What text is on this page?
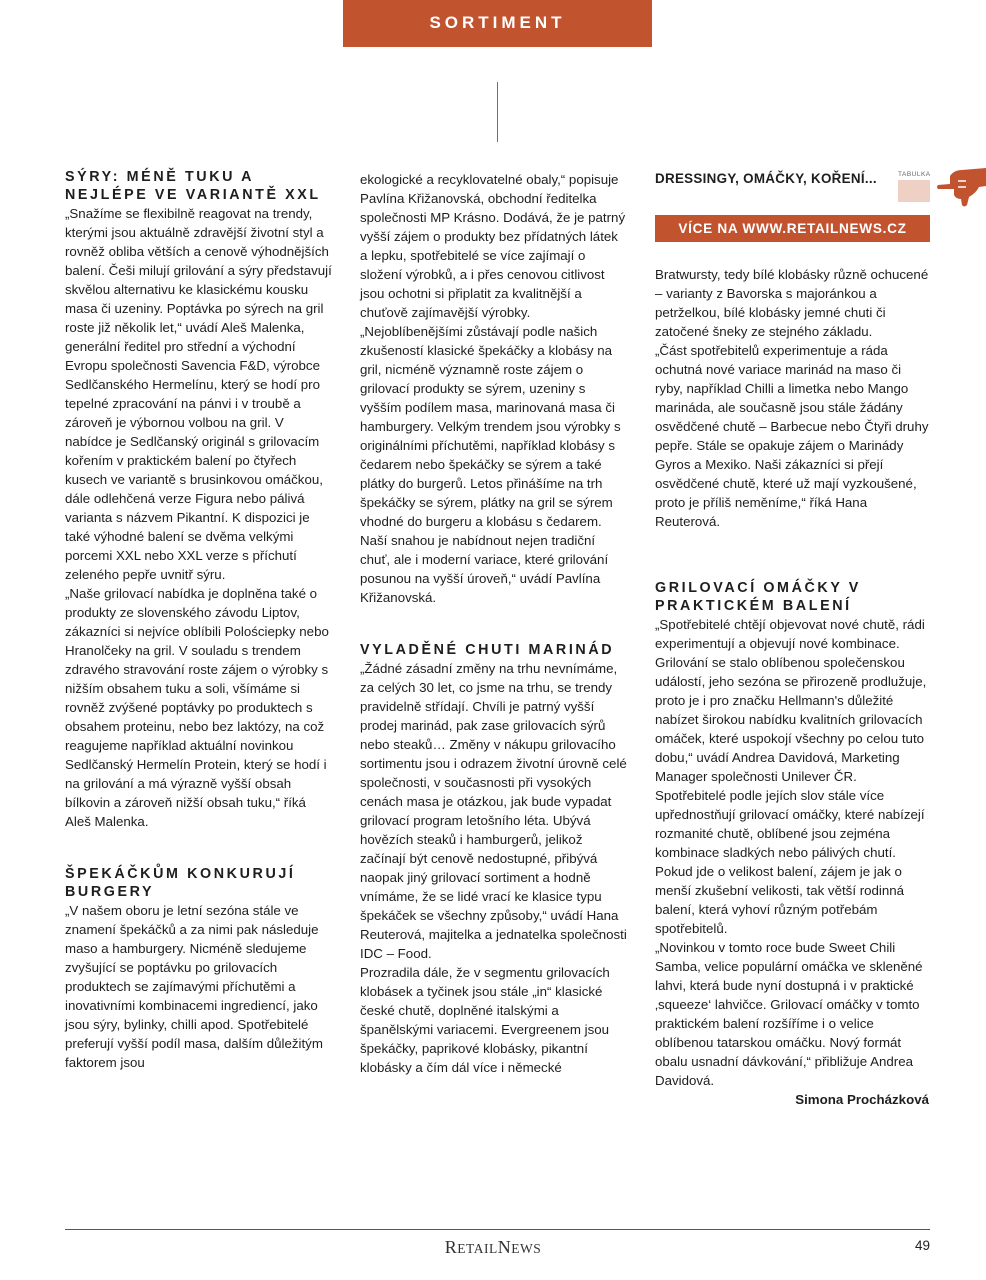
SORTIMENT
SÝRY: MÉNĚ TUKU A NEJLÉPE VE VARIANTĚ XXL

„Snažíme se flexibilně reagovat na trendy, kterými jsou aktuálně zdravější životní styl a rovněž obliba větších a cenově výhodnějších balení. Češi milují grilování a sýry představují skvělou alternativu ke klasickému kousku masa či uzeniny. Poptávka po sýrech na gril roste již několik let,“ uvádí Aleš Malenka, generální ředitel pro střední a východní Evropu společnosti Savencia F&D, výrobce Sedlčanského Hermelínu, který se hodí pro tepelné zpracování na pánvi i v troubě a zároveň je výbornou volbou na gril. V nabídce je Sedlčanský originál s grilovacím kořením v praktickém balení po čtyřech kusech ve variantě s brusinkovou omáčkou, dále odlehčená verze Figura nebo pálivá varianta s názvem Pikantní. K dispozici je také výhodné balení se dvěma velkými porcemi XXL nebo XXL verze s příchutí zeleného pepře uvnitř sýru.

„Naše grilovací nabídka je doplněna také o produkty ze slovenského závodu Liptov, zákazníci si nejvíce oblíbili Polościepky nebo Hranolčeky na gril. V souladu s trendem zdravého stravování roste zájem o výrobky s nižším obsahem tuku a soli, všímáme si rovněž zvýšené poptávky po produktech s obsahem proteinu, nebo bez laktózy, na což reagujeme například aktuální novinkou Sedlčanský Hermelín Protein, který se hodí i na grilování a má výrazně vyšší obsah bílkovin a zároveň nižší obsah tuku,“ říká Aleš Malenka.

ŠPEKÁČKŮM KONKURUJÍ BURGERY

„V našem oboru je letní sezóna stále ve znamení špekáčků a za nimi pak následuje maso a hamburgery. Nicméně sledujeme zvyšující se poptávku po grilovacích produktech se zajímavými příchutěmi a inovativními kombinacemi ingrediencí, jako jsou sýry, bylinky, chilli apod. Spotřebitelé preferují vyšší podíl masa, dalším důležitým faktorem jsou

ekologické a recyklovatelné obaly,“ popisuje Pavlína Křižanovská, obchodní ředitelka společnosti MP Krásno. Dodává, že je patrný vyšší zájem o produkty bez přídatných látek a lepku, spotřebitelé se více zajímají o složení výrobků, a i přes cenovou citlivost jsou ochotni si připlatit za kvalitnější a chuťově zajímavější výrobky.

„Nejoblíbenějšími zůstávají podle našich zkušeností klasické špekáčky a klobásy na gril, nicméně významně roste zájem o grilovací produkty se sýrem, uzeniny s vyšším podílem masa, marinovaná masa či hamburgery. Velkým trendem jsou výrobky s originálními příchutěmi, například klobásy s čedarem nebo špekáčky se sýrem a také plátky do burgerů. Letos přinášíme na trh špekáčky se sýrem, plátky na gril se sýrem vhodné do burgeru a klobásu s čedarem. Naší snahou je nabídnout nejen tradiční chuť, ale i moderní variace, které grilování posunou na vyšší úroveň,“ uvádí Pavlína Křižanovská.

VYLADĚNÉ CHUTI MARINÁD

„Žádné zásadní změny na trhu nevnímáme, za celých 30 let, co jsme na trhu, se trendy pravidelně střídají. Chvíli je patrný vyšší prodej marinád, pak zase grilovacích sýrů nebo steaků… Změny v nákupu grilovacího sortimentu jsou i odrazem životní úrovně celé společnosti, v současnosti při vysokých cenách masa je otázkou, jak bude vypadat grilovací program letošního léta. Ubývá hovězích steaků i hamburgerů, jelikož začínají být cenově nedostupné, přibývá naopak jiný grilovací sortiment a hodně vnímáme, že se lidé vrací ke klasice typu špekáček se všechny způsoby,“ uvádí Hana Reuterová, majitelka a jednatelka společnosti IDC – Food.

Prozradila dále, že v segmentu grilovacích klobásek a tyčinek jsou stále „in“ klasické české chutě, doplněné italskými a španělskými variacemi. Evergreenem jsou špekáčky, paprikové klobásky, pikantní klobásky a čím dál více i německé

DRESSINGY, OMÁČKY, KOŘENÍ...	TABULKA
VÍCE NA WWW.RETAILNEWS.CZ

Bratwursty, tedy bílé klobásky různě ochucené – varianty z Bavorska s majoránkou a petrželkou, bílé klobásky jemné chuti či zatočené šneky ze stejného základu.

„Část spotřebitelů experimentuje a ráda ochutná nové variace marinád na maso či ryby, například Chilli a limetka nebo Mango marináda, ale současně jsou stále žádány osvědčené chutě – Barbecue nebo Čtyři druhy pepře. Stále se opakuje zájem o Marinády Gyros a Mexiko. Naši zákazníci si přejí osvědčené chutě, které už mají vyzkoušené, proto je příliš neměníme,“ říká Hana Reuterová.

GRILOVACÍ OMÁČKY V PRAKTICKÉM BALENÍ

„Spotřebitelé chtějí objevovat nové chutě, rádi experimentují a objevují nové kombinace. Grilování se stalo oblíbenou společenskou událostí, jeho sezóna se přirozeně prodlužuje, proto je i pro značku Hellmann's důležité nabízet širokou nabídku kvalitních grilovacích omáček, které uspokojí všechny po celou tuto dobu,“ uvádí Andrea Davidová, Marketing Manager společnosti Unilever ČR. Spotřebitelé podle jejích slov stále více upřednostňují grilovací omáčky, které nabízejí rozmanité chutě, oblíbené jsou zejména kombinace sladkých nebo pálivých chutí. Pokud jde o velikost balení, zájem je jak o menší zkušební velikosti, tak větší rodinná balení, která vyhoví různým potřebám spotřebitelů.

„Novinkou v tomto roce bude Sweet Chili Samba, velice populární omáčka ve skleněné lahvi, která bude nyní dostupná i v praktické ‚squeeze‘ lahvičce. Grilovací omáčky v tomto praktickém balení rozšíříme i o velice oblíbenou tatarskou omáčku. Nový formát obalu usnadní dávkování,“ přibližuje Andrea Davidová.

Simona Procházková

RETAILNEWS	49
